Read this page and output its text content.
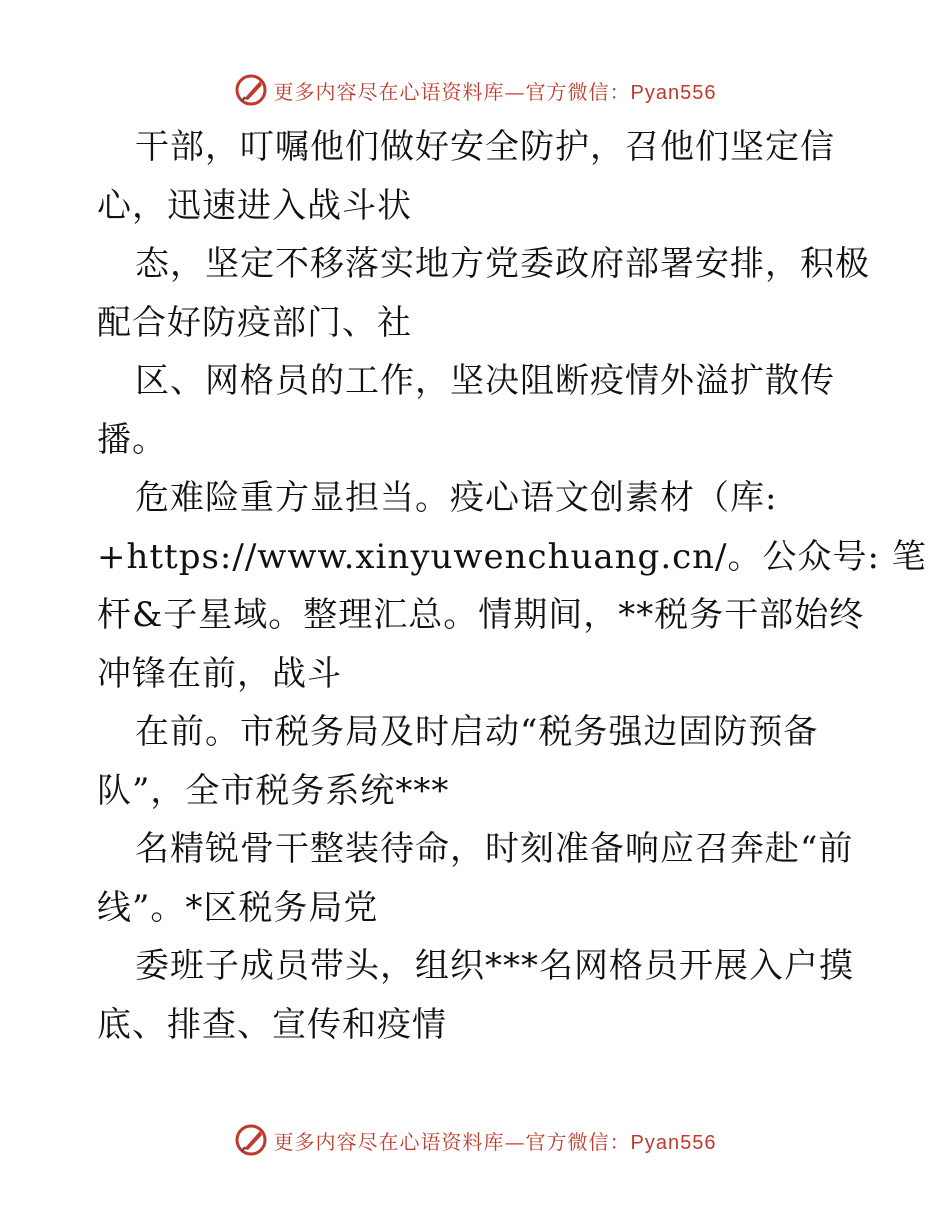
更多内容尽在心语资料库—官方微信：Pyan556
干部，叮嘱他们做好安全防护，召他们坚定信
心，迅速进入战斗状
态，坚定不移落实地方党委政府部署安排，积极
配合好防疫部门、社
区、网格员的工作，坚决阻断疫情外溢扩散传
播。
危难险重方显担当。疫心语文创素材（库:
+https://www.xinyuwenchuang.cn/。公众号: 笔
杆&子星域。整理汇总。情期间，**税务干部始终
冲锋在前，战斗
在前。市税务局及时启动“税务强边固防预备
队”，全市税务系统***
名精锐骨干整装待命，时刻准备响应召奔赴“前
线”。*区税务局党
委班子成员带头，组织***名网格员开展入户摸
底、排查、宣传和疫情
更多内容尽在心语资料库—官方微信：Pyan556
